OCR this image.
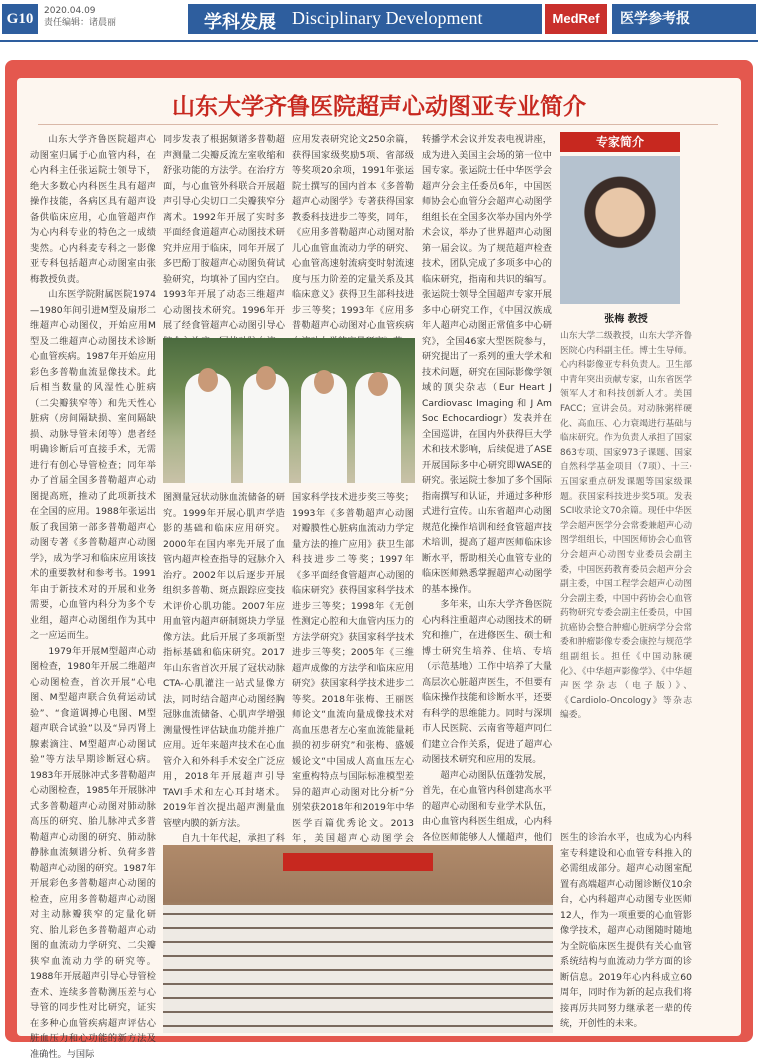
G10	2020.04.09
责任编辑：诸晨丽	学科发展 Disciplinary Development	MedRef	医学参考报
山东大学齐鲁医院超声心动图亚专业简介

山东大学齐鲁医院超声心动图室归属于心血管内科，在心内科主任张运院士领导下，绝大多数心内科医生具有超声操作技能，各病区具有超声设备供临床应用，心血管超声作为心内科专业的特色之一成绩斐然。心内科麦专科之一影像亚专科包括超声心动图室由张梅教授负责。

山东医学院附属医院1974—1980年间引进M型及扇形二维超声心动图仪，开始应用M型及二维超声心动图技术诊断心血管疾病。1987年开始应用彩色多普勒血流显像技术。此后相当数量的风湿性心脏病（二尖瓣狭窄等）和先天性心脏病（房间隔缺损、室间隔缺损、动脉导管未闭等）患者经明确诊断后可直接手术，无需进行有创心导管检查；同年举办了首届全国多普勒超声心动图提高班，推动了此项新技术在全国的应用。1988年张运出版了我国第一部多普勒超声心动图专著《多普勒超声心动图学》，成为学习和临床应用该技术的重要教材和参考书。1991年由于新技术对的开展和业务需要，心血管内科分为多个专业组，超声心动图组作为其中之一应运而生。

1979年开展M型超声心动图检查，1980年开展二维超声心动图检查，首次开展“心电图、M型超声联合负荷运动试验”、“食道调搏心电图、M型超声联合试验”以及“异丙肾上腺素滴注、M型超声心动图试验”等方法早期诊断冠心病。1983年开展脉冲式多普勒超声心动图检查，1985年开展脉冲式多普勒超声心动图对肺动脉高压的研究、胎儿脉冲式多普勒超声心动图的研究、肺动脉静脉血流频谱分析、负荷多普勒超声心动图的研究。1987年开展彩色多普勒超声心动图的检查，应用多普勒超声心动图对主动脉瓣狭窄的定量化研究、胎儿彩色多普勒超声心动图的血流动力学研究、二尖瓣狭窄血流动力学的研究等。1988年开展超声引导心导管检查术、连续多普勒测压差与心导管的同步性对比研究，证实在多种心血管疾病超声评估心脏血压力和心功能的新方法及准确性。与国际

同步发表了根据频谱多普勒超声测量二尖瓣反流左室收缩和舒张功能的方法学。在治疗方面，与心血管外科联合开展超声引导心尖切口二尖瓣狭窄分离术。1992年开展了实时多平面经食道超声心动图技术研究并应用于临床，同年开展了多巴酚丁胺超声心动图负荷试验研究，均填补了国内空白。1993年开展了动态三维超声心动图技术研究。1996年开展了经食管超声心动图引导心

应用发表研究论文250余篇，获得国家级奖励5项、省部级等奖项20余项，1991年张运院士撰写的国内首本《多普勒超声心动图学》专著获得国家教委科技进步二等奖，同年，《应用多普勒超声心动图对胎儿心血管血流动力学的研究、心血管高速射流病变时射流速度与压力阶差的定量关系及其临床意义》获得卫生部科技进步三等奖；1993年《应用多普勒超声心动图对心血管疾病

图测量冠状动脉血流储备的研究。1999年开展心肌声学造影的基础和临床应用研究。2000年在国内率先开展了血管内超声检查指导的冠脉介入治疗。2002年以后逐步开展组织多普勒、斑点跟踪应变技术评价心肌功能。2007年应用血管内超声研制斑块力学显像方法。此后开展了多项新型指标基础和临床研究。2017年山东省首次开展了冠状动脉CTA-心肌灌注一站式显像方法，同时结合超声心动图经胸冠脉血流储备、心肌声学增强测量慢性评估缺血功能并推广应用。近年来超声技术在心血管介入和外科手术安全广泛应用，2018年开展超声引导TAVI手术和左心耳封堵术。2019年首次提出超声测量血管壁内膜的新方法。

自九十年代起，承担了科

国家科学技术进步奖三等奖；1993年《多普勒超声心动图对瓣膜性心脏病血流动力学定量方法的推广应用》获卫生部科技进步二等奖；1997年《多平面经食管超声心动图的临床研究》获得国家科学技术进步三等奖；1998年《无创性测定心腔和大血管内压力的方法学研究》获国家科学技术进步三等奖；2005年《三维超声成像的方法学和临床应用研究》获国家科学技术进步二等奖。2018年张梅、王丽医师论文“血流向量成像技术对高血压患者左心室血流能量耗损的初步研究”和张梅、盛媛媛论文“中国成人高血压左心室重构特点与国际标准模型差异的超声心动图对比分析”分别荣获2018年和2019年中华医学百篇优秀论文。2013年，美国超声心动图学会

转播学术会议并发表电视讲座，成为进入美国主会场的第一位中国专家。张运院士任中华医学会超声分会主任委员6年，中国医师协会心血管分会超声心动图学组组长在全国多次举办国内外学术会议，举办了世界超声心动图第一届会议。为了规范超声检查技术，团队完成了多项多中心的临床研究，指南和共识的编写。张运院士领导全国超声专家开展多中心研究工作，《中国汉族成年人超声心动图正常值多中心研究》，全国46家大型医院参与，研究提出了一系列的重大学术和技术问题，研究在国际影像学领域的顶尖杂志（Eur Heart J Cardiovasc Imaging 和 J Am Soc Echocardiogr）发表并在全国巡讲，在国内外获得巨大学术和技术影响，后续促进了ASE开展国际多中心研究即WASE的研究。张运院士参加了多个国际指南撰写和认证，并通过多种形式进行宣传。山东省超声心动图规范化操作培训和经食管超声技术培训，提高了超声医师临床诊断水平，帮助相关心血管专业的临床医师熟悉掌握超声心动图学的基本操作。

多年来，山东大学齐鲁医院心内科注重超声心动图技术的研究和推广，在进修医生、硕士和博士研究生培养、住培、专培（示范基地）工作中培养了大量高层次心脏超声医生，不但要有临床操作技能和诊断水平，还要有科学的思维能力。同时与深圳市人民医院、云南省等超声同仁们建立合作关系，促进了超声心动图技术研究和应用的发展。

超声心动图队伍蓬勃发展，首先，在心血管内科创建高水平的超声心动图和专业学术队伍，由心血管内科医生组成，心内科各位医师能够人人懂超声，他们

专家简介
张梅 教授
山东大学二级教授，山东大学齐鲁医院心内科副主任。博士生导师。心内科影像亚专科负责人。卫生部中青年突出贡献专家，山东省医学领军人才和科技创新人才。美国FACC；宣讲会员。对动脉粥样硬化、高血压、心力衰竭进行基础与临床研究。作为负责人承担了国家863专项、国家973子课题、国家自然科学基金项目（7项）、十三·五国家重点研发课题等国家级课题。获国家科技进步奖5项。发表SCI收录论文70余篇。现任中华医学会超声医学分会常委兼超声心动图学组组长，中国医师协会心血管分会超声心动图专业委员会副主委，中国医药教育委员会超声分会副主委，中国工程学会超声心动图分会副主委，中国中药协会心血管药物研究专委会副主任委员，中国抗癌协会整合肿瘤心脏病学分会常委和肿瘤影像专委会康控与规范学组副组长。担任《中国动脉硬化》、《中华超声影像学》、《中华超声医学杂志（电子版）》、《Cardiolo-Oncology》等杂志编委。

医生的诊治水平，也成为心内科室专科建设和心血管专科推入的必需组成部分。超声心动图室配置有高端超声心动图诊断仪10余台，心内科超声心动图专业医师12人，作为一项重要的心血管影像学技术，超声心动图随时随地为全院临床医生提供有关心血管系统结构与血流动力学方面的诊断信息。2019年心内科成立60周年，同时作为新的起点我们将接再厉共同努力继承老一辈的传统，开创性的未来。
